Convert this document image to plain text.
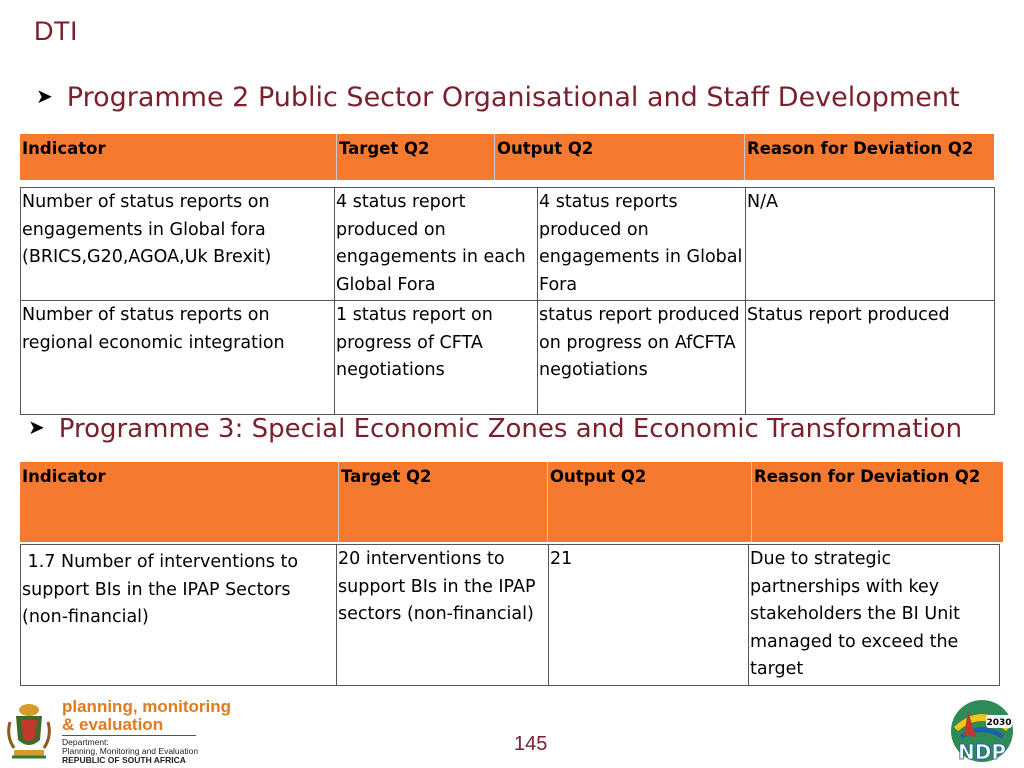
DTI
➤ Programme 2 Public Sector Organisational and Staff Development
Indicator	Target Q2	Output Q2	Reason for Deviation Q2
Number of status reports on engagements in Global fora (BRICS,G20,AGOA,Uk Brexit)	4 status report produced on engagements in each Global Fora	4 status reports produced on engagements in Global Fora	N/A
Number of status reports on regional economic integration	1 status report on progress of CFTA negotiations	status report produced on progress on AfCFTA negotiations	Status report produced
➤ Programme 3: Special Economic Zones and Economic Transformation
Indicator	Target Q2	Output Q2	Reason for Deviation Q2
1.7 Number of interventions to support BIs in the IPAP Sectors (non-financial)	20 interventions to support BIs in the IPAP sectors (non-financial)	21	Due to strategic partnerships with key stakeholders the BI Unit managed to exceed the target
planning, monitoring
& evaluation
Department:
Planning, Monitoring and Evaluation
REPUBLIC OF SOUTH AFRICA
145
2030
NDP
